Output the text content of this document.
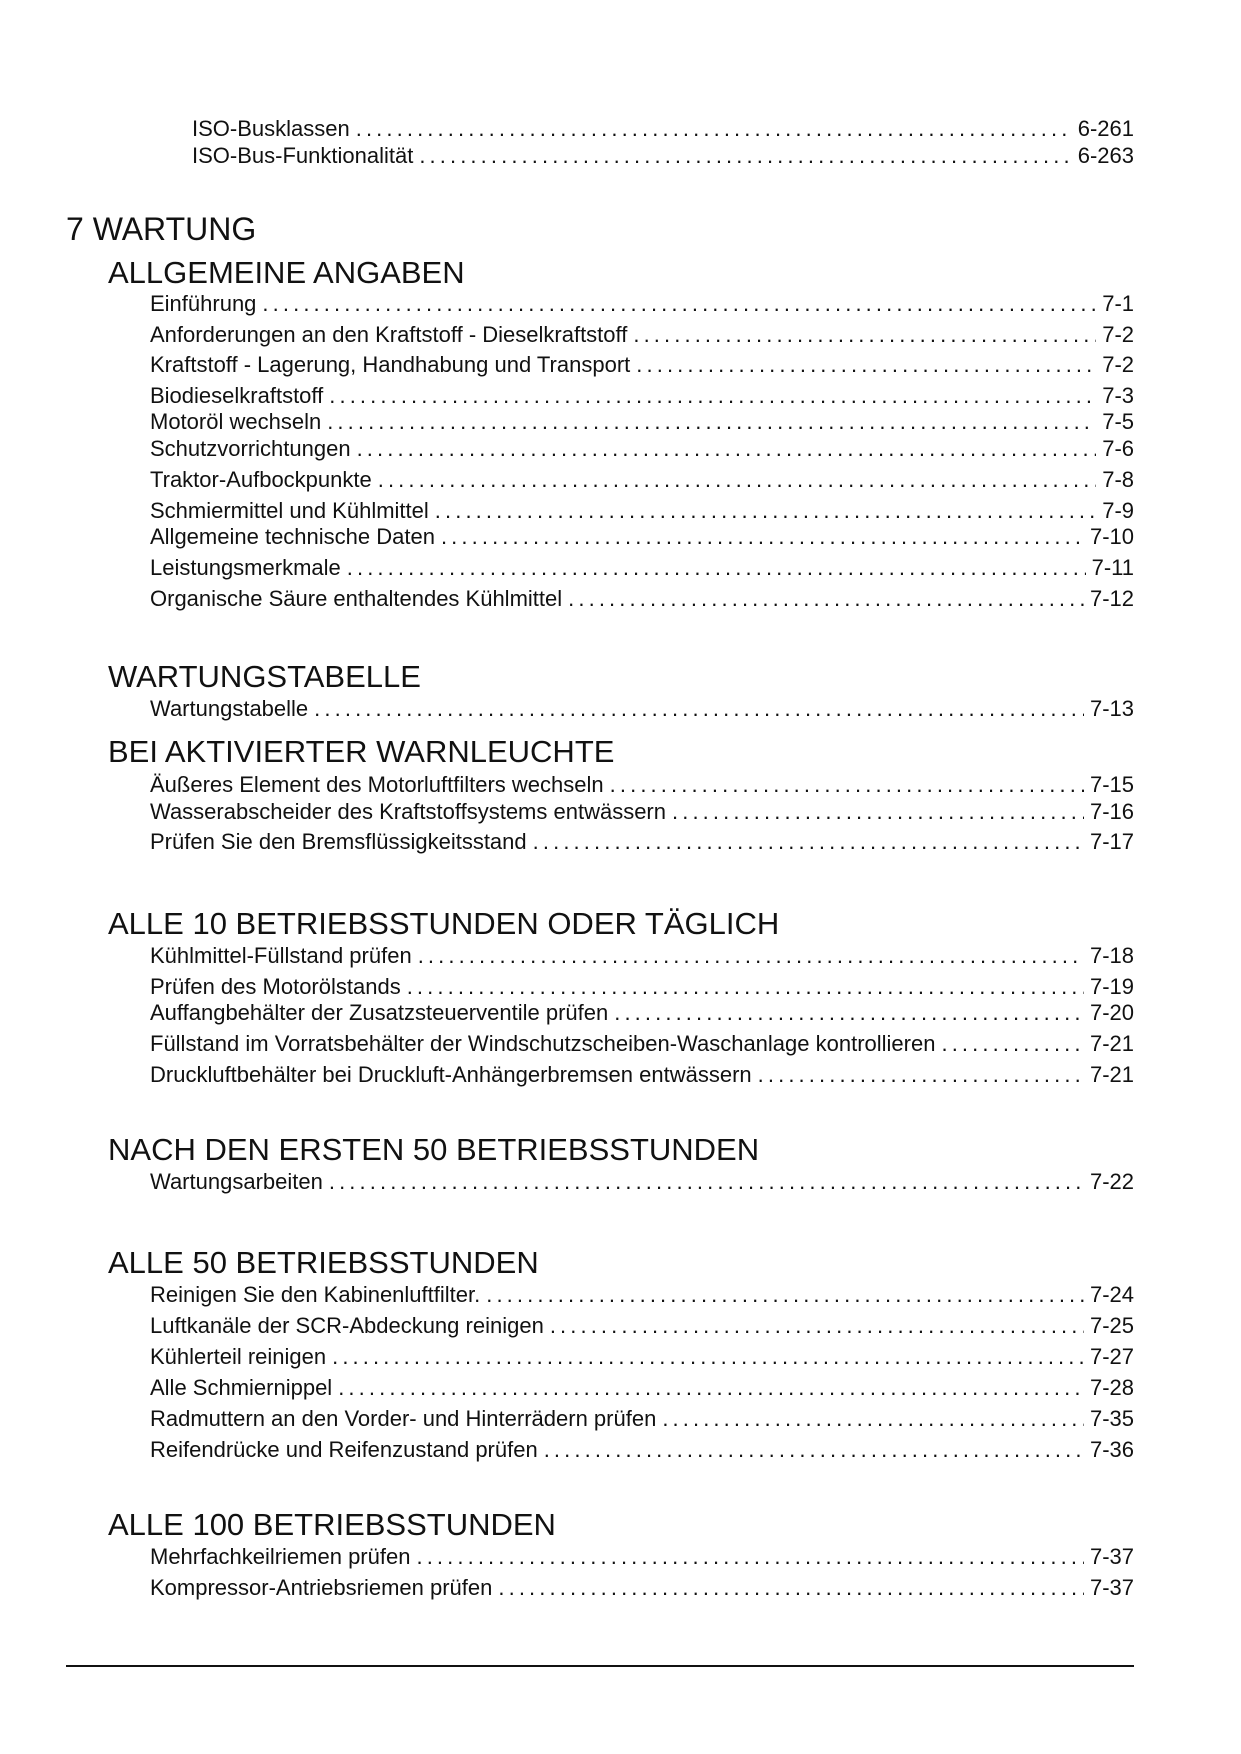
ISO-Busklassen . . .	6-261
ISO-Bus-Funktionalität . . .	6-263
7 WARTUNG
ALLGEMEINE ANGABEN
Einführung . . .	7-1
Anforderungen an den Kraftstoff - Dieselkraftstoff . . .	7-2
Kraftstoff - Lagerung, Handhabung und Transport . . .	7-2
Biodieselkraftstoff . . .	7-3
Motoröl wechseln . . .	7-5
Schutzvorrichtungen . . .	7-6
Traktor-Aufbockpunkte . . .	7-8
Schmiermittel und Kühlmittel . . .	7-9
Allgemeine technische Daten . . .	7-10
Leistungsmerkmale . . .	7-11
Organische Säure enthaltendes Kühlmittel . . .	7-12
WARTUNGSTABELLE
Wartungstabelle . . .	7-13
BEI AKTIVIERTER WARNLEUCHTE
Äußeres Element des Motorluftfilters wechseln . . .	7-15
Wasserabscheider des Kraftstoffsystems entwässern . . .	7-16
Prüfen Sie den Bremsflüssigkeitsstand . . .	7-17
ALLE 10 BETRIEBSSTUNDEN ODER TÄGLICH
Kühlmittel-Füllstand prüfen . . .	7-18
Prüfen des Motorölstands . . .	7-19
Auffangbehälter der Zusatzsteuerventile prüfen . . .	7-20
Füllstand im Vorratsbehälter der Windschutzscheiben-Waschanlage kontrollieren . . .	7-21
Druckluftbehälter bei Druckluft-Anhängerbremsen entwässern . . .	7-21
NACH DEN ERSTEN 50 BETRIEBSSTUNDEN
Wartungsarbeiten . . .	7-22
ALLE 50 BETRIEBSSTUNDEN
Reinigen Sie den Kabinenluftfilter. . . .	7-24
Luftkanäle der SCR-Abdeckung reinigen . . .	7-25
Kühlerteil reinigen . . .	7-27
Alle Schmiernippel . . .	7-28
Radmuttern an den Vorder- und Hinterrädern prüfen . . .	7-35
Reifendrücke und Reifenzustand prüfen . . .	7-36
ALLE 100 BETRIEBSSTUNDEN
Mehrfachkeilriemen prüfen . . .	7-37
Kompressor-Antriebsriemen prüfen . . .	7-37
